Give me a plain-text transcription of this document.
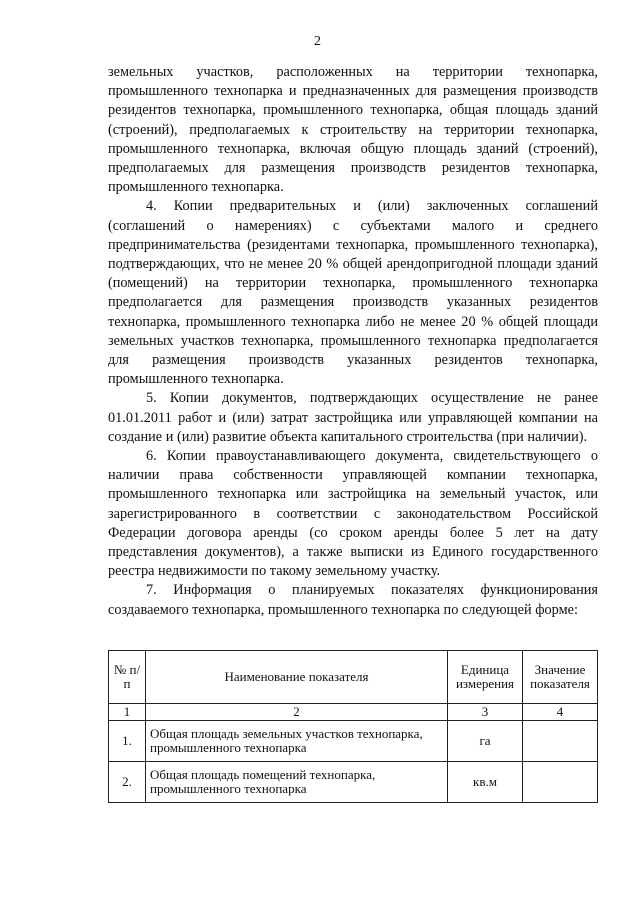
2

земельных участков, расположенных на территории технопарка, промышленного технопарка и предназначенных для размещения производств резидентов технопарка, промышленного технопарка, общая площадь зданий (строений), предполагаемых к строительству на территории технопарка, промышленного технопарка, включая общую площадь зданий (строений), предполагаемых для размещения производств резидентов технопарка, промышленного технопарка.

4. Копии предварительных и (или) заключенных соглашений (соглашений о намерениях) с субъектами малого и среднего предпринимательства (резидентами технопарка, промышленного технопарка), подтверждающих, что не менее 20 % общей арендопригодной площади зданий (помещений) на территории технопарка, промышленного технопарка предполагается для размещения производств указанных резидентов технопарка, промышленного технопарка либо не менее 20 % общей площади земельных участков технопарка, промышленного технопарка предполагается для размещения производств указанных резидентов технопарка, промышленного технопарка.

5. Копии документов, подтверждающих осуществление не ранее 01.01.2011 работ и (или) затрат застройщика или управляющей компании на создание и (или) развитие объекта капитального строительства (при наличии).

6. Копии правоустанавливающего документа, свидетельствующего о наличии права собственности управляющей компании технопарка, промышленного технопарка или застройщика на земельный участок, или зарегистрированного в соответствии с законодательством Российской Федерации договора аренды (со сроком аренды более 5 лет на дату представления документов), а также выписки из Единого государственного реестра недвижимости по такому земельному участку.

7. Информация о планируемых показателях функционирования создаваемого технопарка, промышленного технопарка по следующей форме:

№ п/п	Наименование показателя	Единица измерения	Значение показателя
1	2	3	4
1.	Общая площадь земельных участков технопарка, промышленного технопарка	га	
2.	Общая площадь помещений технопарка, промышленного технопарка	кв.м	
